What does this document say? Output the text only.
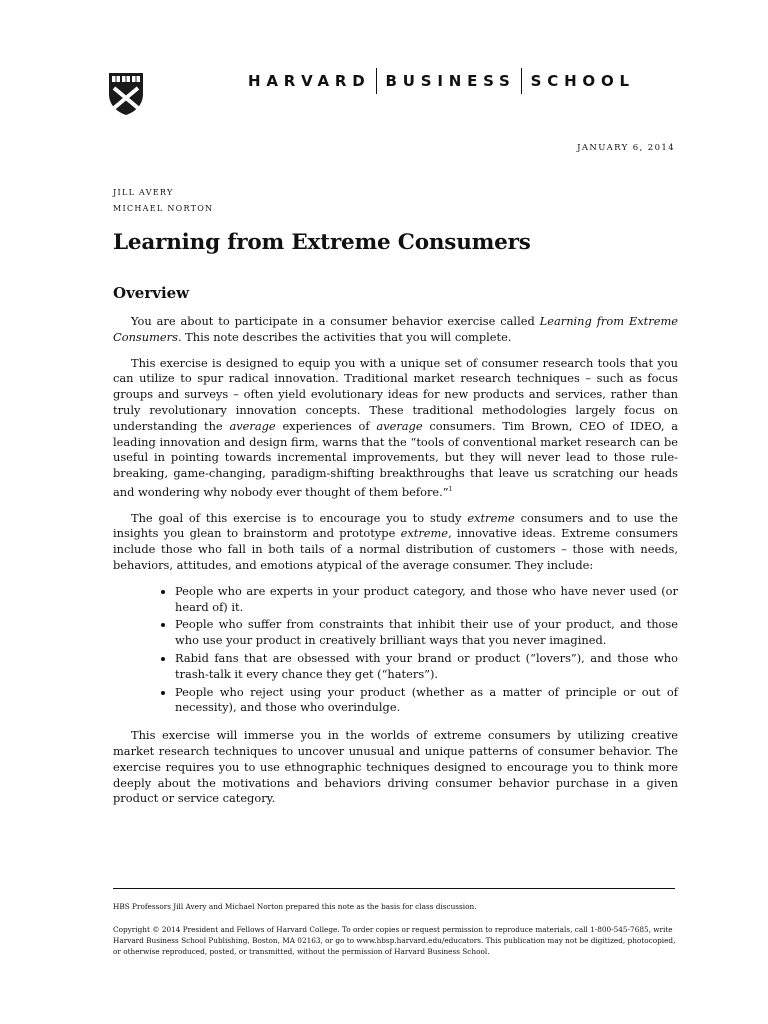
HARVARD BUSINESS SCHOOL
JANUARY 6, 2014
JILL AVERY
MICHAEL NORTON
Learning from Extreme Consumers
Overview

You are about to participate in a consumer behavior exercise called Learning from Extreme Consumers. This note describes the activities that you will complete.

This exercise is designed to equip you with a unique set of consumer research tools that you can utilize to spur radical innovation. Traditional market research techniques – such as focus groups and surveys – often yield evolutionary ideas for new products and services, rather than truly revolutionary innovation concepts. These traditional methodologies largely focus on understanding the average experiences of average consumers. Tim Brown, CEO of IDEO, a leading innovation and design firm, warns that the “tools of conventional market research can be useful in pointing towards incremental improvements, but they will never lead to those rule-breaking, game-changing, paradigm-shifting breakthroughs that leave us scratching our heads and wondering why nobody ever thought of them before.”$^1$

The goal of this exercise is to encourage you to study extreme consumers and to use the insights you glean to brainstorm and prototype extreme, innovative ideas. Extreme consumers include those who fall in both tails of a normal distribution of customers – those with needs, behaviors, attitudes, and emotions atypical of the average consumer. They include:

• People who are experts in your product category, and those who have never used (or heard of) it.
• People who suffer from constraints that inhibit their use of your product, and those who use your product in creatively brilliant ways that you never imagined.
• Rabid fans that are obsessed with your brand or product (“lovers”), and those who trash-talk it every chance they get (“haters”).
• People who reject using your product (whether as a matter of principle or out of necessity), and those who overindulge.

This exercise will immerse you in the worlds of extreme consumers by utilizing creative market research techniques to uncover unusual and unique patterns of consumer behavior. The exercise requires you to use ethnographic techniques designed to encourage you to think more deeply about the motivations and behaviors driving consumer behavior purchase in a given product or service category.

HBS Professors Jill Avery and Michael Norton prepared this note as the basis for class discussion.
Copyright © 2014 President and Fellows of Harvard College. To order copies or request permission to reproduce materials, call 1-800-545-7685, write Harvard Business School Publishing, Boston, MA 02163, or go to www.hbsp.harvard.edu/educators. This publication may not be digitized, photocopied, or otherwise reproduced, posted, or transmitted, without the permission of Harvard Business School.
